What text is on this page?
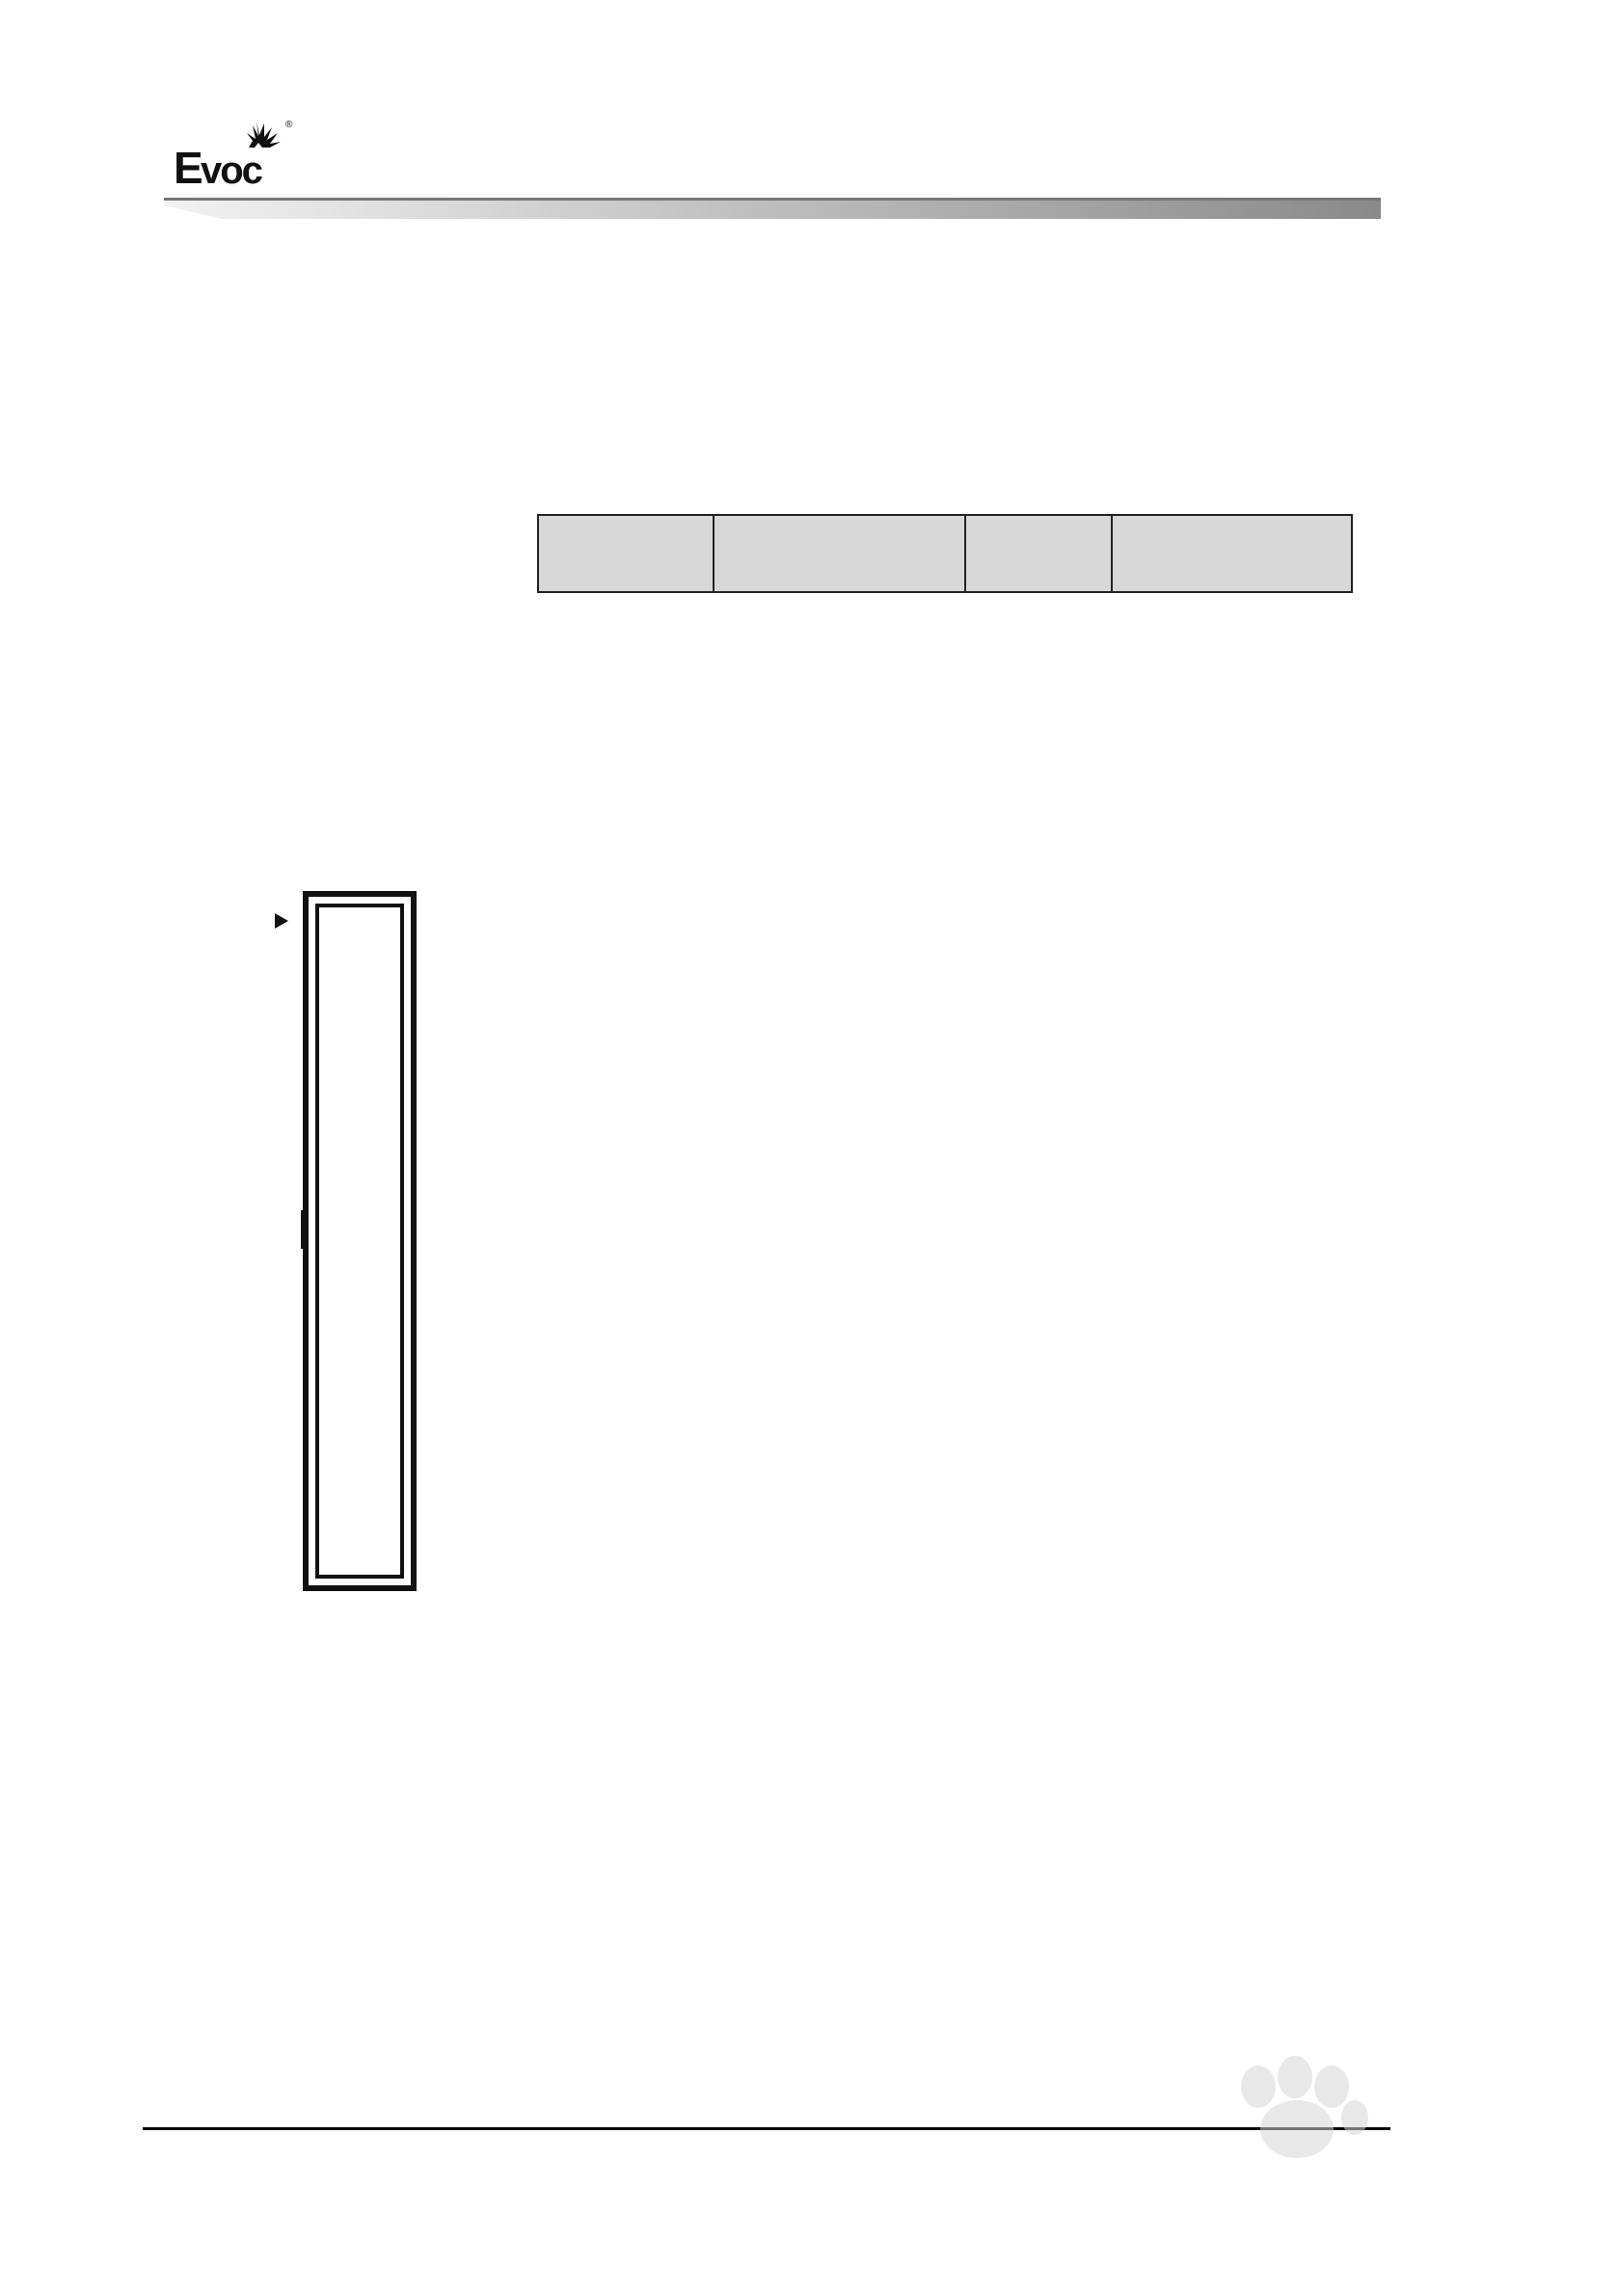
E voc
®
